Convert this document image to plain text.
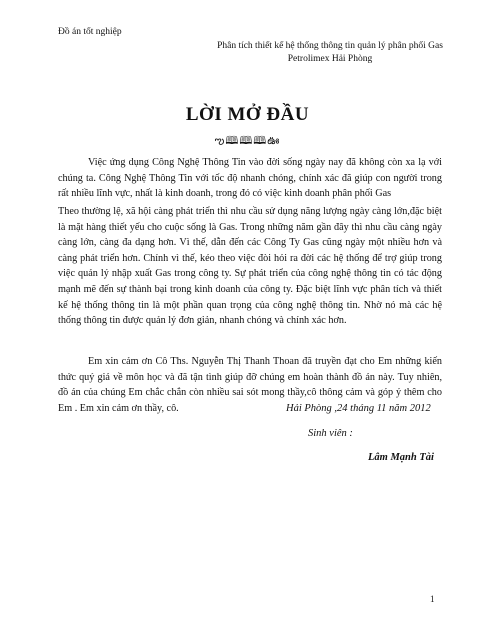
Đồ án tốt nghiệp
Phân tích thiết kế hệ thống thông tin quản lý phân phối Gas
Petrolimex Hải Phòng
LỜI MỞ ĐẦU
ఌ🕮🕮🕮ఊ

Việc ứng dụng Công Nghệ Thông Tin vào đời sống ngày nay đã không còn xa lạ với chúng ta. Công Nghệ Thông Tin với tốc độ nhanh chóng, chính xác đã giúp con người trong rất nhiều lĩnh vực, nhất là kinh doanh, trong đó có việc kinh doanh phân phối Gas

Theo thường lệ, xã hội càng phát triển thì nhu cầu sử dụng năng lượng ngày càng lớn,đặc biệt là mặt hàng thiết yếu cho cuộc sống là Gas. Trong những năm gần đây thì nhu cầu càng ngày càng lớn, càng đa dạng hơn. Vì thế, dẫn đến các Công Ty Gas cũng ngày một nhiều hơn và càng phát triển hơn. Chính vì thế, kéo theo việc đòi hỏi ra đời các hệ thống để trợ giúp trong việc quản lý nhập xuất Gas trong công ty. Sự phát triển của công nghệ thông tin có tác động mạnh mẽ đến sự thành bại trong kinh doanh của công ty. Đặc biệt lĩnh vực phân tích và thiết kế hệ thống thông tin là một phần quan trọng của công nghệ thông tin. Nhờ nó mà các hệ thống thông tin được quản lý đơn giản, nhanh chóng và chính xác hơn.

Em xin cảm ơn Cô Ths. Nguyễn Thị Thanh Thoan đã truyền đạt cho Em những kiến thức quý giá về môn học và đã tận tình giúp đỡ chúng em hoàn thành đồ án này. Tuy nhiên, đồ án của chúng Em chắc chắn còn nhiều sai sót mong thầy,cô thông cảm và góp ý thêm cho Em . Em xin cảm ơn thầy, cô.	Hải Phòng ,24 tháng 11 năm 2012
Sinh viên :
Lâm Mạnh Tài
1
